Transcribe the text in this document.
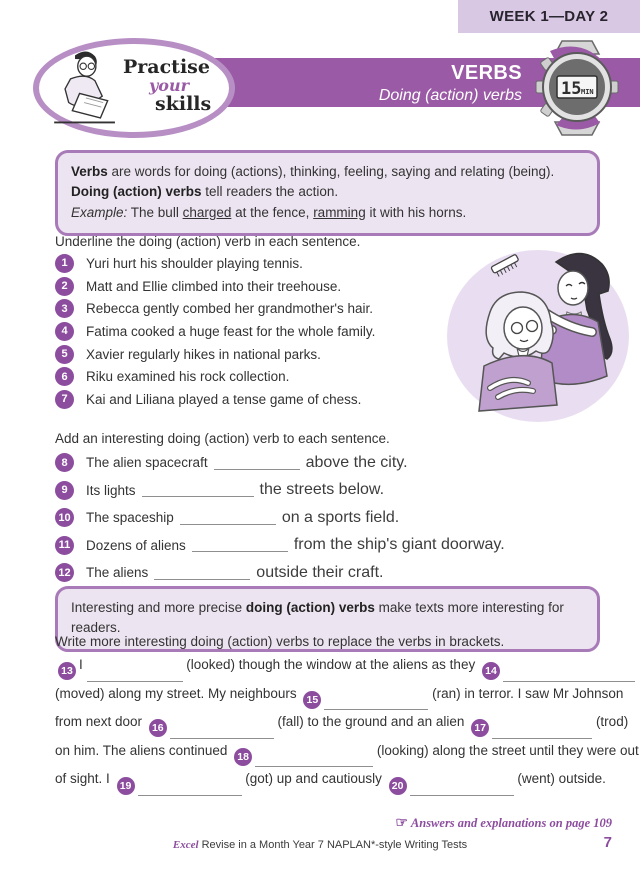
WEEK 1—DAY 2
Practise
your
skills
VERBS
Doing (action) verbs 15 MIN
Verbs are words for doing (actions), thinking, feeling, saying and relating (being). Doing (action) verbs tell readers the action.
Example: The bull charged at the fence, ramming it with his horns.
Underline the doing (action) verb in each sentence.
1	Yuri hurt his shoulder playing tennis.
2	Matt and Ellie climbed into their treehouse.
3	Rebecca gently combed her grandmother's hair.
4	Fatima cooked a huge feast for the whole family.
5	Xavier regularly hikes in national parks.
6	Riku examined his rock collection.
7	Kai and Liliana played a tense game of chess.
Add an interesting doing (action) verb to each sentence.
8	The alien spacecraft	above the city.
9	Its lights	the streets below.
10 The spaceship	on a sports field.
11 Dozens of aliens	from the ship's giant doorway.
12 The aliens	outside their craft.
Interesting and more precise doing (action) verbs make texts more interesting for readers.
Write more interesting doing (action) verbs to replace the verbs in brackets.
13 I	(looked) though the window at the aliens as they 14
(moved) along my street. My neighbours 15	(ran) in terror. I saw Mr Johnson
from next door 16	(fall) to the ground and an alien 17	(trod)
on him. The aliens continued 18	(looking) along the street until they were out
of sight. I 19	(got) up and cautiously 20	(went) outside.
☞ Answers and explanations on page 109
Excel Revise in a Month Year 7 NAPLAN*-style Writing Tests	7
